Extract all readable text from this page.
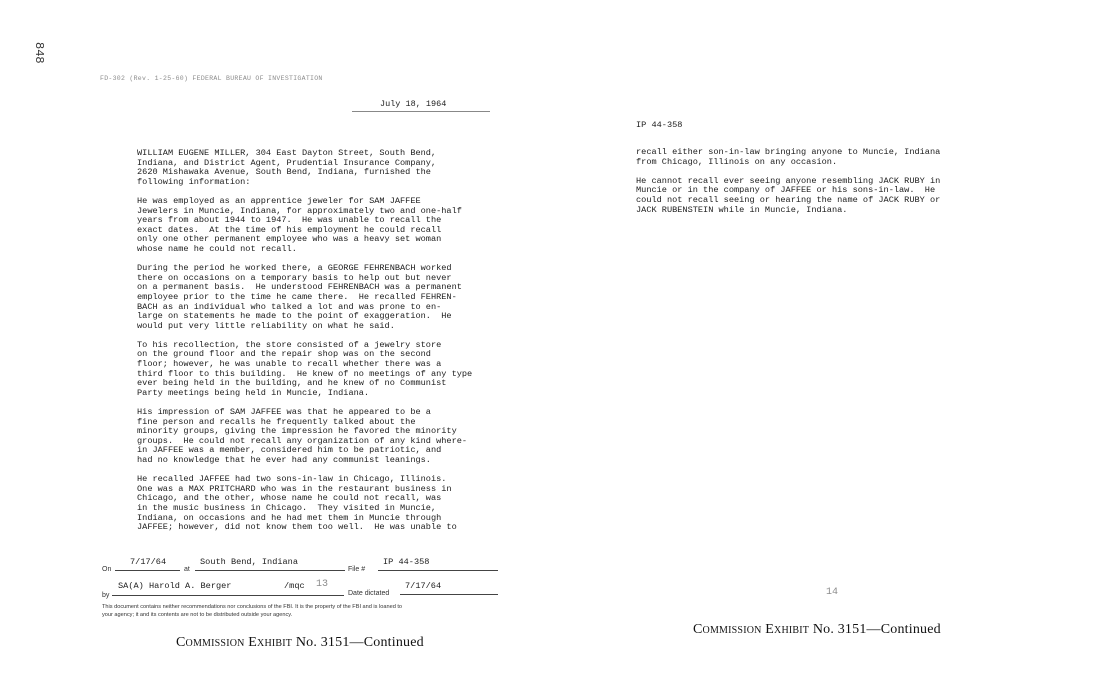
848
FD-302 (Rev. 1-25-60) FEDERAL BUREAU OF INVESTIGATION
July 18, 1964
WILLIAM EUGENE MILLER, 304 East Dayton Street, South Bend,
Indiana, and District Agent, Prudential Insurance Company,
2620 Mishawaka Avenue, South Bend, Indiana, furnished the
following information:
He was employed as an apprentice jeweler for SAM JAFFEE
Jewelers in Muncie, Indiana, for approximately two and one-half
years from about 1944 to 1947.  He was unable to recall the
exact dates.  At the time of his employment he could recall
only one other permanent employee who was a heavy set woman
whose name he could not recall.
During the period he worked there, a GEORGE FEHRENBACH worked
there on occasions on a temporary basis to help out but never
on a permanent basis.  He understood FEHRENBACH was a permanent
employee prior to the time he came there.  He recalled FEHREN-
BACH as an individual who talked a lot and was prone to en-
large on statements he made to the point of exaggeration.  He
would put very little reliability on what he said.
To his recollection, the store consisted of a jewelry store
on the ground floor and the repair shop was on the second
floor; however, he was unable to recall whether there was a
third floor to this building.  He knew of no meetings of any type
ever being held in the building, and he knew of no Communist
Party meetings being held in Muncie, Indiana.
His impression of SAM JAFFEE was that he appeared to be a
fine person and recalls he frequently talked about the
minority groups, giving the impression he favored the minority
groups.  He could not recall any organization of any kind where-
in JAFFEE was a member, considered him to be patriotic, and
had no knowledge that he ever had any communist leanings.
He recalled JAFFEE had two sons-in-law in Chicago, Illinois.
One was a MAX PRITCHARD who was in the restaurant business in
Chicago, and the other, whose name he could not recall, was
in the music business in Chicago.  They visited in Muncie,
Indiana, on occasions and he had met them in Muncie through
JAFFEE; however, did not know them too well.  He was unable to
On
7/17/64
at
South Bend, Indiana
File #
IP 44-358
by
SA(A) Harold A. Berger	/mqc 13
Date dictated
7/17/64
This document contains neither recommendations nor conclusions of the FBI. It is the property of the FBI and is loaned to
your agency; it and its contents are not to be distributed outside your agency.
Commission Exhibit No. 3151—Continued
IP 44-358
recall either son-in-law bringing anyone to Muncie, Indiana
from Chicago, Illinois on any occasion.
He cannot recall ever seeing anyone resembling JACK RUBY in
Muncie or in the company of JAFFEE or his sons-in-law.  He
could not recall seeing or hearing the name of JACK RUBY or
JACK RUBENSTEIN while in Muncie, Indiana.
14
Commission Exhibit No. 3151—Continued
